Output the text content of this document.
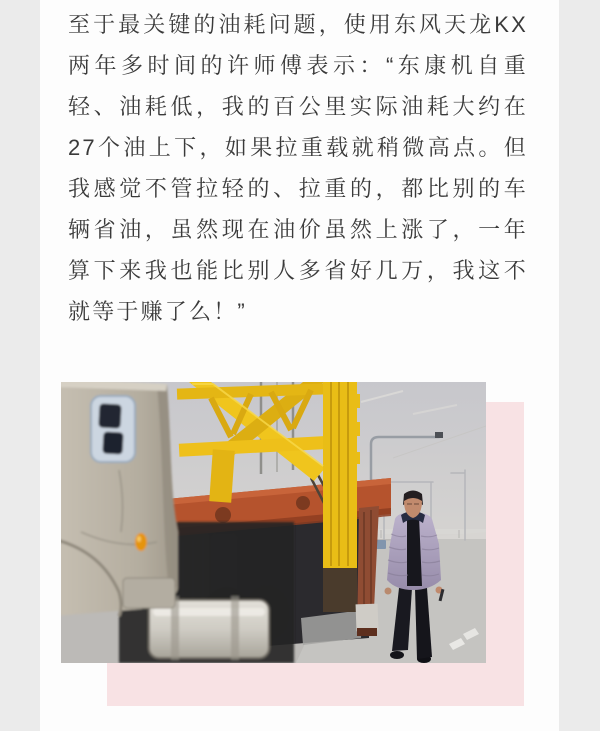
至于最关键的油耗问题，使用东风天龙KX
两年多时间的许师傅表示：“东康机自重
轻、油耗低，我的百公里实际油耗大约在
27个油上下，如果拉重载就稍微高点。但
我感觉不管拉轻的、拉重的，都比别的车
辆省油，虽然现在油价虽然上涨了，一年
算下来我也能比别人多省好几万，我这不
就等于赚了么！”
